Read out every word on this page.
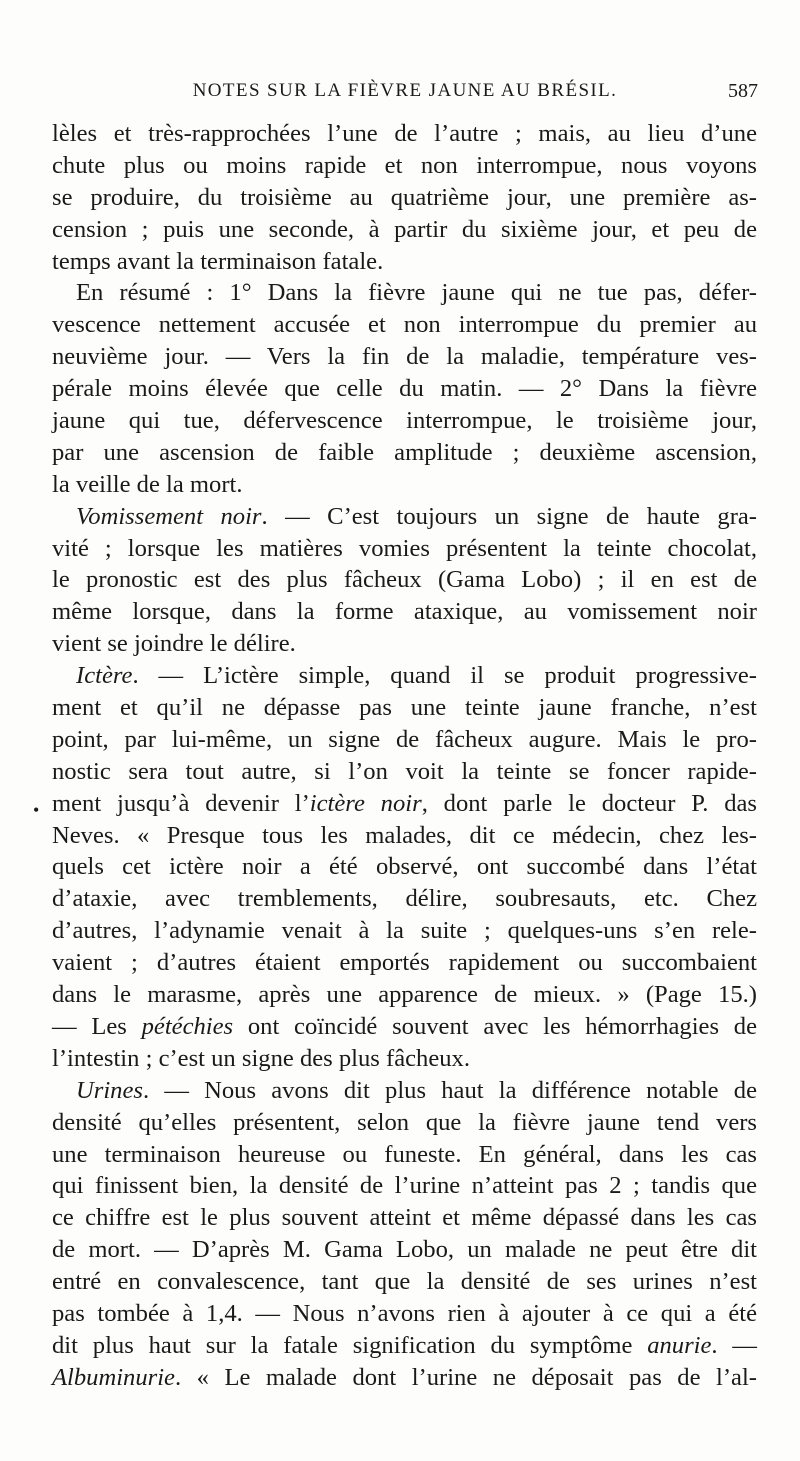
NOTES SUR LA FIÈVRE JAUNE AU BRÉSIL.	587
•
lèles et très-rapprochées l’une de l’autre ; mais, au lieu d’une
chute plus ou moins rapide et non interrompue, nous voyons
se produire, du troisième au quatrième jour, une première as-
cension ; puis une seconde, à partir du sixième jour, et peu de
temps avant la terminaison fatale.
En résumé : 1° Dans la fièvre jaune qui ne tue pas, défer-
vescence nettement accusée et non interrompue du premier au
neuvième jour. — Vers la fin de la maladie, température ves-
pérale moins élevée que celle du matin. — 2° Dans la fièvre
jaune qui tue, défervescence interrompue, le troisième jour,
par une ascension de faible amplitude ; deuxième ascension,
la veille de la mort.
Vomissement noir. — C’est toujours un signe de haute gra-
vité ; lorsque les matières vomies présentent la teinte chocolat,
le pronostic est des plus fâcheux (Gama Lobo) ; il en est de
même lorsque, dans la forme ataxique, au vomissement noir
vient se joindre le délire.
Ictère. — L’ictère simple, quand il se produit progressive-
ment et qu’il ne dépasse pas une teinte jaune franche, n’est
point, par lui-même, un signe de fâcheux augure. Mais le pro-
nostic sera tout autre, si l’on voit la teinte se foncer rapide-
ment jusqu’à devenir l’ictère noir, dont parle le docteur P. das
Neves. « Presque tous les malades, dit ce médecin, chez les-
quels cet ictère noir a été observé, ont succombé dans l’état
d’ataxie, avec tremblements, délire, soubresauts, etc. Chez
d’autres, l’adynamie venait à la suite ; quelques-uns s’en rele-
vaient ; d’autres étaient emportés rapidement ou succombaient
dans le marasme, après une apparence de mieux. » (Page 15.)
— Les pétéchies ont coïncidé souvent avec les hémorrhagies de
l’intestin ; c’est un signe des plus fâcheux.
Urines. — Nous avons dit plus haut la différence notable de
densité qu’elles présentent, selon que la fièvre jaune tend vers
une terminaison heureuse ou funeste. En général, dans les cas
qui finissent bien, la densité de l’urine n’atteint pas 2 ; tandis que
ce chiffre est le plus souvent atteint et même dépassé dans les cas
de mort. — D’après M. Gama Lobo, un malade ne peut être dit
entré en convalescence, tant que la densité de ses urines n’est
pas tombée à 1,4. — Nous n’avons rien à ajouter à ce qui a été
dit plus haut sur la fatale signification du symptôme anurie. —
Albuminurie. « Le malade dont l’urine ne déposait pas de l’al-
